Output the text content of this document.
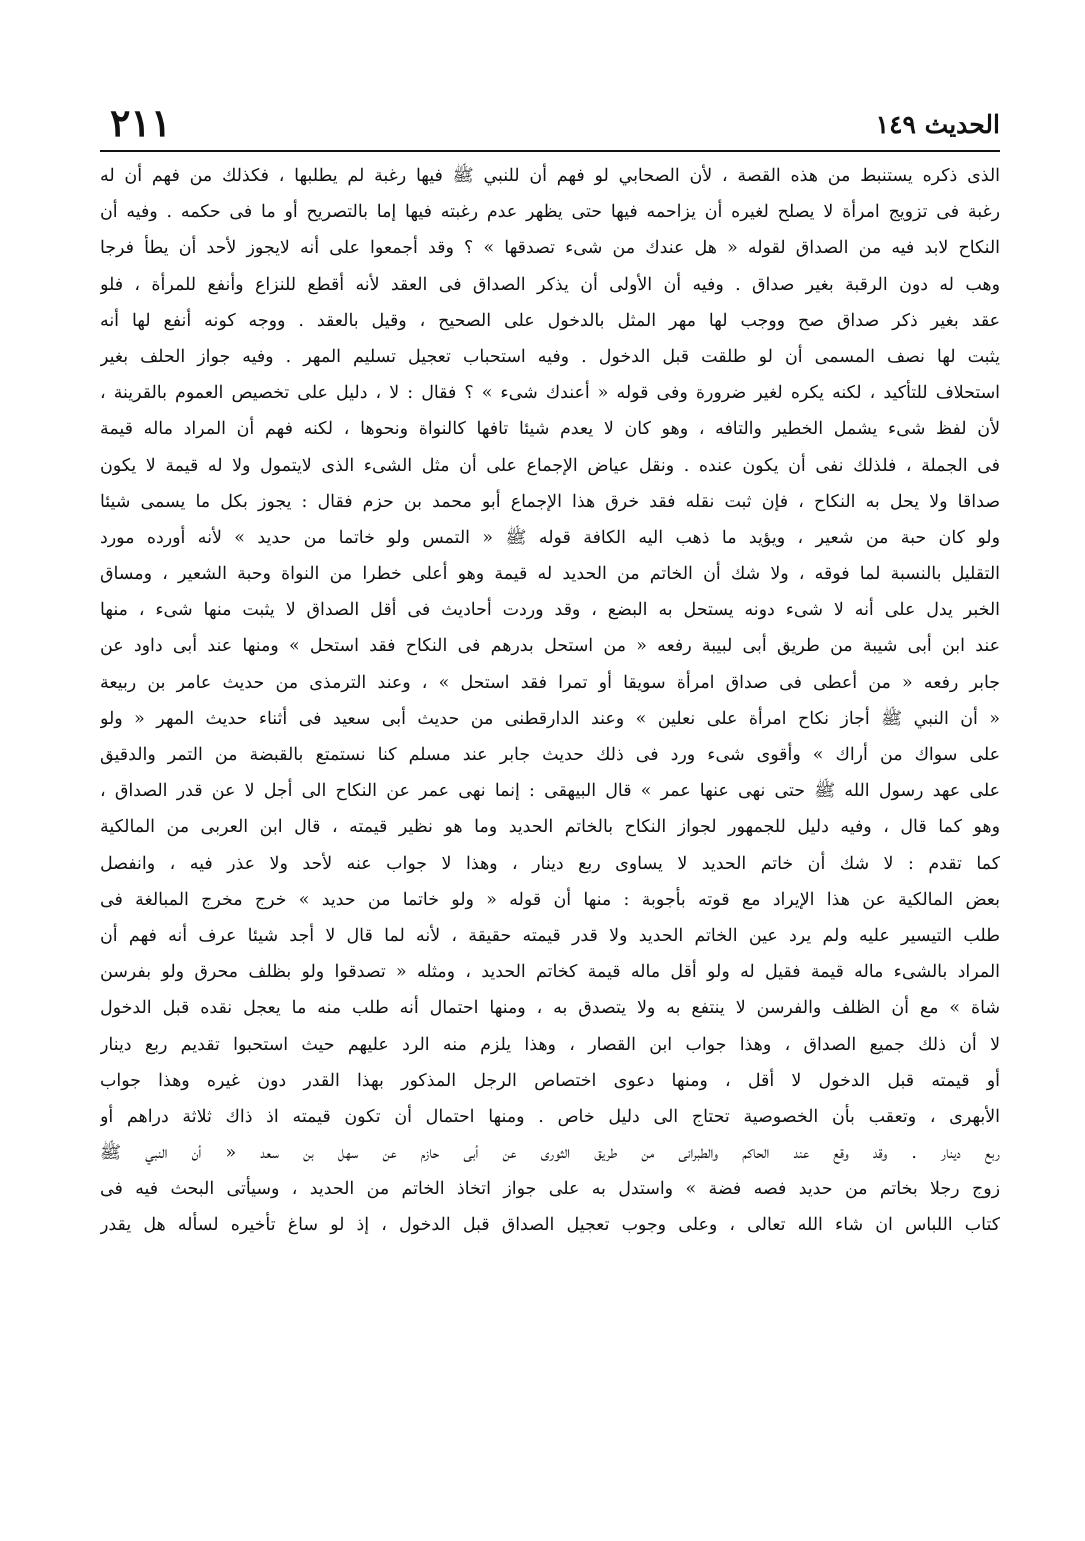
الحديث ١٤٩
٢١١
الذى ذكره يستنبط من هذه القصة ، لأن الصحابي لو فهم أن للنبي ﷺ فيها رغبة لم يطلبها ، فكذلك من فهم أن له
رغبة فى تزويج امرأة لا يصلح لغيره أن يزاحمه فيها حتى يظهر عدم رغبته فيها إما بالتصريح أو ما فى حكمه . وفيه أن
النكاح لابد فيه من الصداق لقوله « هل عندك من شىء تصدقها » ؟ وقد أجمعوا على أنه لايجوز لأحد أن يطأ فرجا
وهب له دون الرقبة بغير صداق . وفيه أن الأولى أن يذكر الصداق فى العقد لأنه أقطع للنزاع وأنفع للمرأة ، فلو
عقد بغير ذكر صداق صح ووجب لها مهر المثل بالدخول على الصحيح ، وقيل بالعقد . ووجه كونه أنفع لها أنه
يثبت لها نصف المسمى أن لو طلقت قبل الدخول . وفيه استحباب تعجيل تسليم المهر . وفيه جواز الحلف بغير
استحلاف للتأكيد ، لكنه يكره لغير ضرورة وفى قوله « أعندك شىء » ؟ فقال : لا ، دليل على تخصيص العموم بالقرينة ،
لأن لفظ شىء يشمل الخطير والتافه ، وهو كان لا يعدم شيئا تافها كالنواة ونحوها ، لكنه فهم أن المراد ماله قيمة
فى الجملة ، فلذلك نفى أن يكون عنده . ونقل عياض الإجماع على أن مثل الشىء الذى لايتمول ولا له قيمة لا يكون
صداقا ولا يحل به النكاح ، فإن ثبت نقله فقد خرق هذا الإجماع أبو محمد بن حزم فقال : يجوز بكل ما يسمى شيئا
ولو كان حبة من شعير ، ويؤيد ما ذهب اليه الكافة قوله ﷺ « التمس ولو خاتما من حديد » لأنه أورده مورد
التقليل بالنسبة لما فوقه ، ولا شك أن الخاتم من الحديد له قيمة وهو أعلى خطرا من النواة وحبة الشعير ، ومساق
الخبر يدل على أنه لا شىء دونه يستحل به البضع ، وقد وردت أحاديث فى أقل الصداق لا يثبت منها شىء ، منها
عند ابن أبى شيبة من طريق أبى لبيبة رفعه « من استحل بدرهم فى النكاح فقد استحل » ومنها عند أبى داود عن
جابر رفعه « من أعطى فى صداق امرأة سويقا أو تمرا فقد استحل » ، وعند الترمذى من حديث عامر بن ربيعة
« أن النبي ﷺ أجاز نكاح امرأة على نعلين » وعند الدارقطنى من حديث أبى سعيد فى أثناء حديث المهر « ولو
على سواك من أراك » وأقوى شىء ورد فى ذلك حديث جابر عند مسلم كنا نستمتع بالقبضة من التمر والدقيق
على عهد رسول الله ﷺ حتى نهى عنها عمر » قال البيهقى : إنما نهى عمر عن النكاح الى أجل لا عن قدر الصداق ،
وهو كما قال ، وفيه دليل للجمهور لجواز النكاح بالخاتم الحديد وما هو نظير قيمته ، قال ابن العربى من المالكية
كما تقدم : لا شك أن خاتم الحديد لا يساوى ربع دينار ، وهذا لا جواب عنه لأحد ولا عذر فيه ، وانفصل
بعض المالكية عن هذا الإيراد مع قوته بأجوبة : منها أن قوله « ولو خاتما من حديد » خرج مخرج المبالغة فى
طلب التيسير عليه ولم يرد عين الخاتم الحديد ولا قدر قيمته حقيقة ، لأنه لما قال لا أجد شيئا عرف أنه فهم أن
المراد بالشىء ماله قيمة فقيل له ولو أقل ماله قيمة كخاتم الحديد ، ومثله « تصدقوا ولو بظلف محرق ولو بفرسن
شاة » مع أن الظلف والفرسن لا ينتفع به ولا يتصدق به ، ومنها احتمال أنه طلب منه ما يعجل نقده قبل الدخول
لا أن ذلك جميع الصداق ، وهذا جواب ابن القصار ، وهذا يلزم منه الرد عليهم حيث استحبوا تقديم ربع دينار
أو قيمته قبل الدخول لا أقل ، ومنها دعوى اختصاص الرجل المذكور بهذا القدر دون غيره وهذا جواب
الأبهرى ، وتعقب بأن الخصوصية تحتاج الى دليل خاص . ومنها احتمال أن تكون قيمته اذ ذاك ثلاثة دراهم أو
ربع دينار . وقد وقع عند الحاكم والطبرانى من طريق الثورى عن أبى حازم عن سهل بن سعد « أن النبي ﷺ
زوج رجلا بخاتم من حديد فصه فضة » واستدل به على جواز اتخاذ الخاتم من الحديد ، وسيأتى البحث فيه فى
كتاب اللباس ان شاء الله تعالى ، وعلى وجوب تعجيل الصداق قبل الدخول ، إذ لو ساغ تأخيره لسأله هل يقدر
